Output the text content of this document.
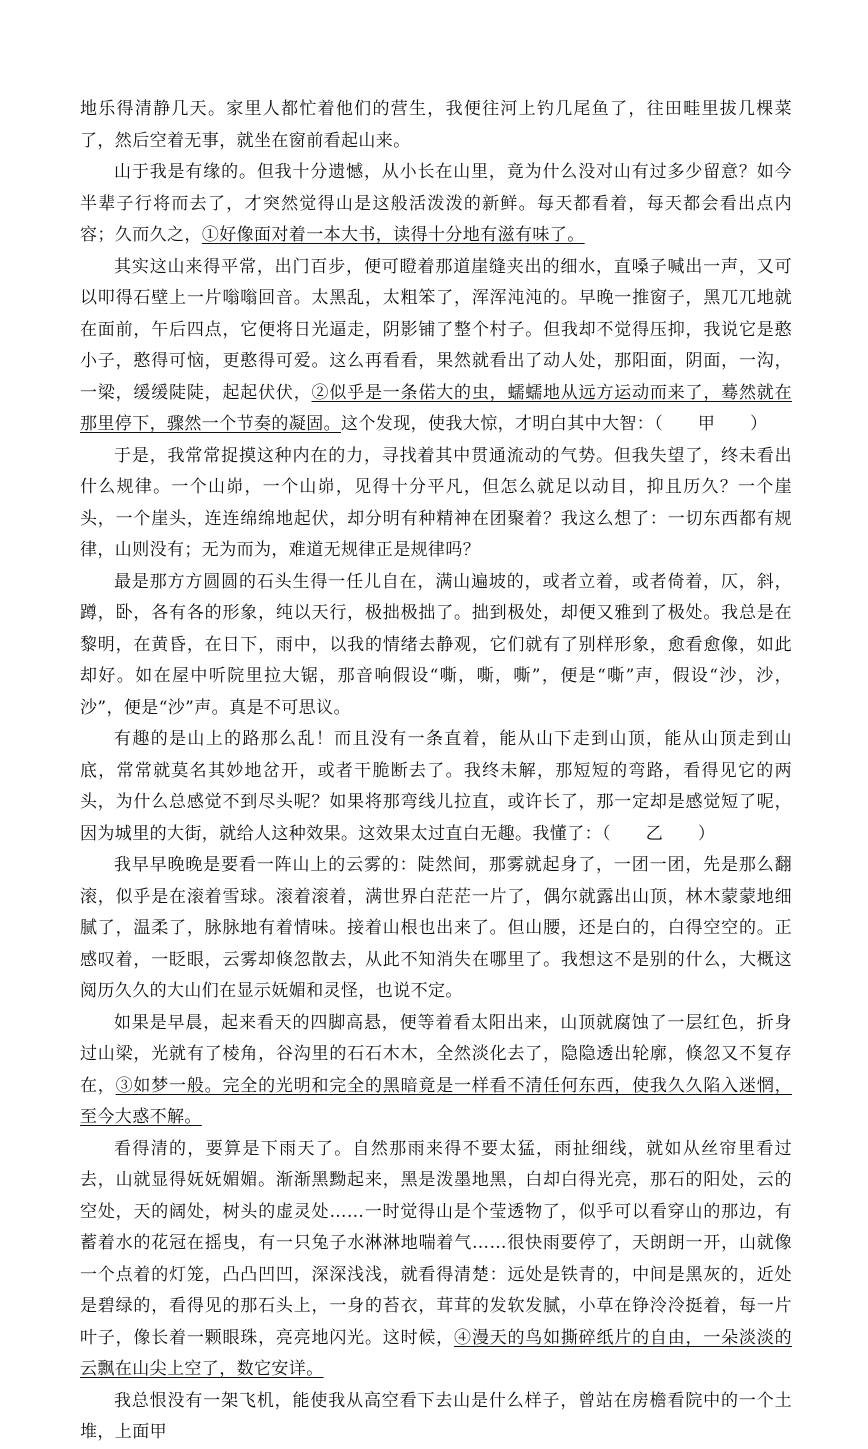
地乐得清静几天。家里人都忙着他们的营生，我便往河上钓几尾鱼了，往田畦里拔几棵菜了，然后空着无事，就坐在窗前看起山来。

山于我是有缘的。但我十分遗憾，从小长在山里，竟为什么没对山有过多少留意？如今半辈子行将而去了，才突然觉得山是这般活泼泼的新鲜。每天都看着，每天都会看出点内容；久而久之，①好像面对着一本大书，读得十分地有滋有味了。

其实这山来得平常，出门百步，便可瞪着那道崖缝夹出的细水，直嗓子喊出一声，又可以叩得石壁上一片嗡嗡回音。太黑乱，太粗笨了，浑浑沌沌的。早晚一推窗子，黑兀兀地就在面前，午后四点，它便将日光逼走，阴影铺了整个村子。但我却不觉得压抑，我说它是憨小子，憨得可恼，更憨得可爱。这么再看看，果然就看出了动人处，那阳面，阴面，一沟，一梁，缓缓陡陡，起起伏伏，②似乎是一条偌大的虫，蠕蠕地从远方运动而来了，蓦然就在那里停下，骤然一个节奏的凝固。这个发现，使我大惊，才明白其中大智：（　　甲　　）

于是，我常常捉摸这种内在的力，寻找着其中贯通流动的气势。但我失望了，终未看出什么规律。一个山峁，一个山峁，见得十分平凡，但怎么就足以动目，抑且历久？一个崖头，一个崖头，连连绵绵地起伏，却分明有种精神在团聚着？我这么想了：一切东西都有规律，山则没有；无为而为，难道无规律正是规律吗？

最是那方方圆圆的石头生得一任儿自在，满山遍坡的，或者立着，或者倚着，仄，斜，蹲，卧，各有各的形象，纯以天行，极拙极拙了。拙到极处，却便又雅到了极处。我总是在黎明，在黄昏，在日下，雨中，以我的情绪去静观，它们就有了别样形象，愈看愈像，如此却好。如在屋中听院里拉大锯，那音响假设“嘶，嘶，嘶”，便是“嘶”声，假设“沙，沙，沙”，便是“沙”声。真是不可思议。

有趣的是山上的路那么乱！而且没有一条直着，能从山下走到山顶，能从山顶走到山底，常常就莫名其妙地岔开，或者干脆断去了。我终未解，那短短的弯路，看得见它的两头，为什么总感觉不到尽头呢？如果将那弯线儿拉直，或许长了，那一定却是感觉短了呢，因为城里的大街，就给人这种效果。这效果太过直白无趣。我懂了：（　　乙　　）

我早早晚晚是要看一阵山上的云雾的：陡然间，那雾就起身了，一团一团，先是那么翻滚，似乎是在滚着雪球。滚着滚着，满世界白茫茫一片了，偶尔就露出山顶，林木蒙蒙地细腻了，温柔了，脉脉地有着情味。接着山根也出来了。但山腰，还是白的，白得空空的。正感叹着，一眨眼，云雾却倏忽散去，从此不知消失在哪里了。我想这不是别的什么，大概这阅历久久的大山们在显示妩媚和灵怪，也说不定。

如果是早晨，起来看天的四脚高悬，便等着看太阳出来，山顶就腐蚀了一层红色，折身过山梁，光就有了棱角，谷沟里的石石木木，全然淡化去了，隐隐透出轮廓，倏忽又不复存在，③如梦一般。完全的光明和完全的黑暗竟是一样看不清任何东西，使我久久陷入迷惘，至今大惑不解。

看得清的，要算是下雨天了。自然那雨来得不要太猛，雨扯细线，就如从丝帘里看过去，山就显得妩妩媚媚。渐渐黑黝起来，黑是泼墨地黑，白却白得光亮，那石的阳处，云的空处，天的阔处，树头的虚灵处……一时觉得山是个莹透物了，似乎可以看穿山的那边，有蓄着水的花冠在摇曳，有一只兔子水淋淋地喘着气……很快雨要停了，天朗朗一开，山就像一个点着的灯笼，凸凸凹凹，深深浅浅，就看得清楚：远处是铁青的，中间是黑灰的，近处是碧绿的，看得见的那石头上，一身的苔衣，茸茸的发软发腻，小草在铮泠泠挺着，每一片叶子，像长着一颗眼珠，亮亮地闪光。这时候，④漫天的鸟如撕碎纸片的自由，一朵淡淡的云飘在山尖上空了，数它安详。

我总恨没有一架飞机，能使我从高空看下去山是什么样子，曾站在房檐看院中的一个土堆，上面甲
